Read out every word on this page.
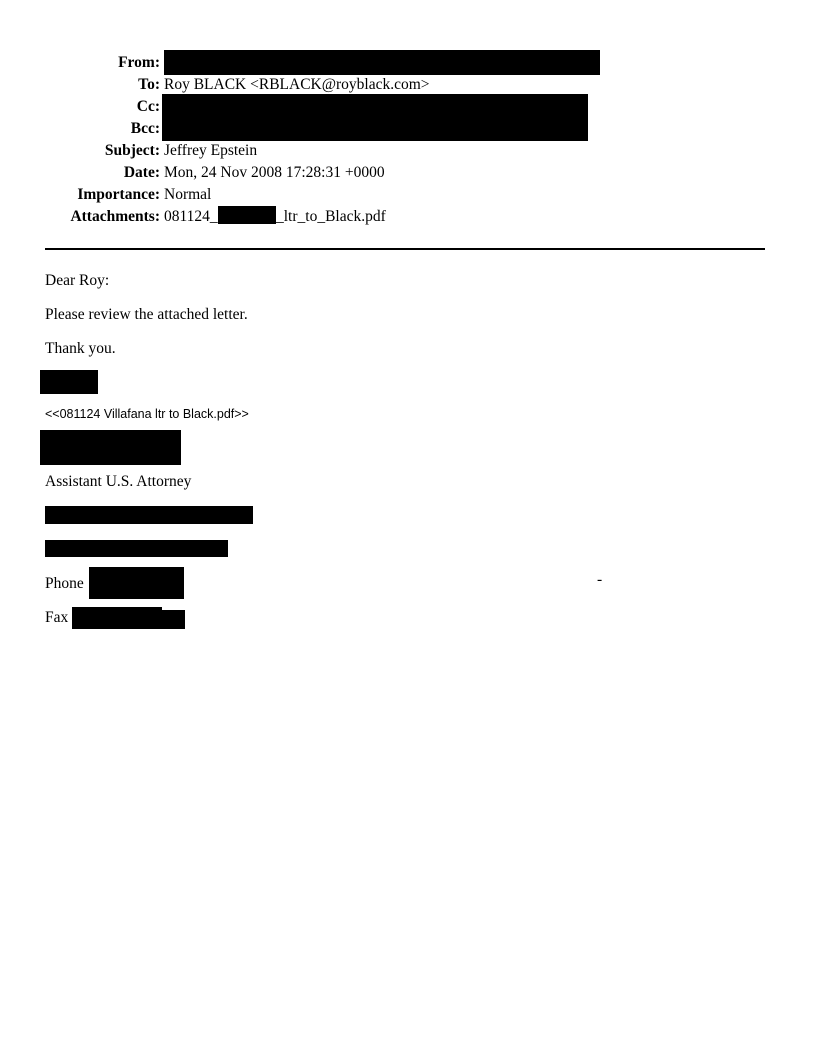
From:
To: Roy BLACK <RBLACK@royblack.com>
Cc:
Bcc:
Subject: Jeffrey Epstein
Date: Mon, 24 Nov 2008 17:28:31 +0000
Importance: Normal
Attachments: 081124_	_ltr_to_Black.pdf
Dear Roy:
Please review the attached letter.
Thank you.
<<081124 Villafana ltr to Black.pdf>>
Assistant U.S. Attorney
Phone	-
Fax
